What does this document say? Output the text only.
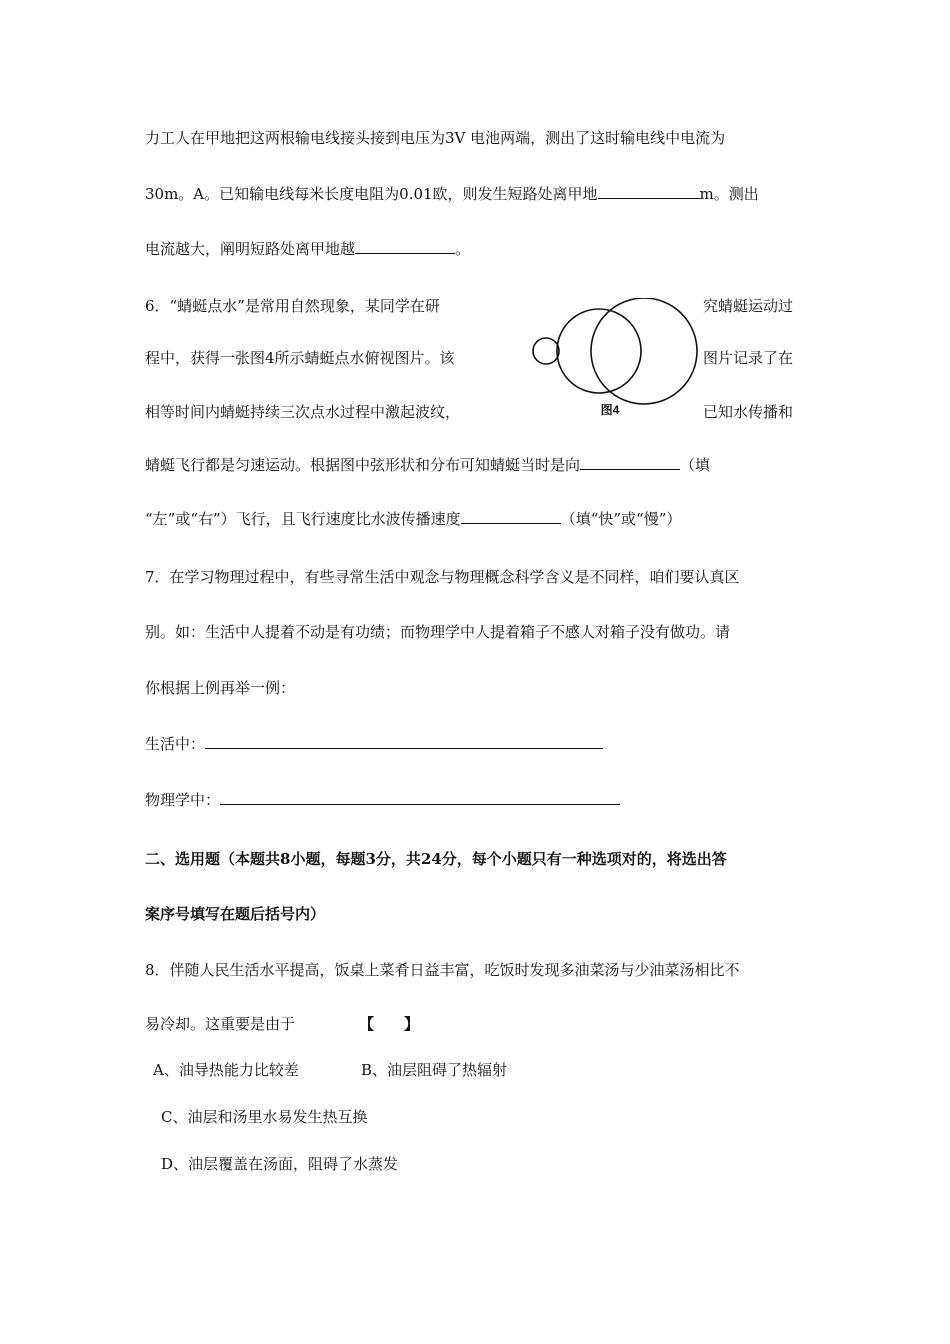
力工人在甲地把这两根输电线接头接到电压为3V 电池两端，测出了这时输电线中电流为
30m。A。已知输电线每米长度电阻为0.01欧，则发生短路处离甲地	m。测出
电流越大，阐明短路处离甲地越	。
6．“蜻蜓点水”是常用自然现象，某同学在研	究蜻蜓运动过
程中，获得一张图4所示蜻蜓点水俯视图片。该	图片记录了在
相等时间内蜻蜓持续三次点水过程中激起波纹，	已知水传播和
图4
蜻蜓飞行都是匀速运动。根据图中弦形状和分布可知蜻蜓当时是向	（填
“左”或“右”）飞行，且飞行速度比水波传播速度	（填“快”或“慢”）
7．在学习物理过程中，有些寻常生活中观念与物理概念科学含义是不同样，咱们要认真区
别。如：生活中人提着不动是有功绩；而物理学中人提着箱子不感人对箱子没有做功。请
你根据上例再举一例：
生活中：
物理学中：
二、选用题（本题共8小题，每题3分，共24分，每个小题只有一种选项对的，将选出答
案序号填写在题后括号内）
8．伴随人民生活水平提高，饭桌上菜肴日益丰富，吃饭时发现多油菜汤与少油菜汤相比不
易冷却。这重要是由于	【　　】
A、油导热能力比较差	B、油层阻碍了热辐射
C、油层和汤里水易发生热互换
D、油层覆盖在汤面，阻碍了水蒸发
